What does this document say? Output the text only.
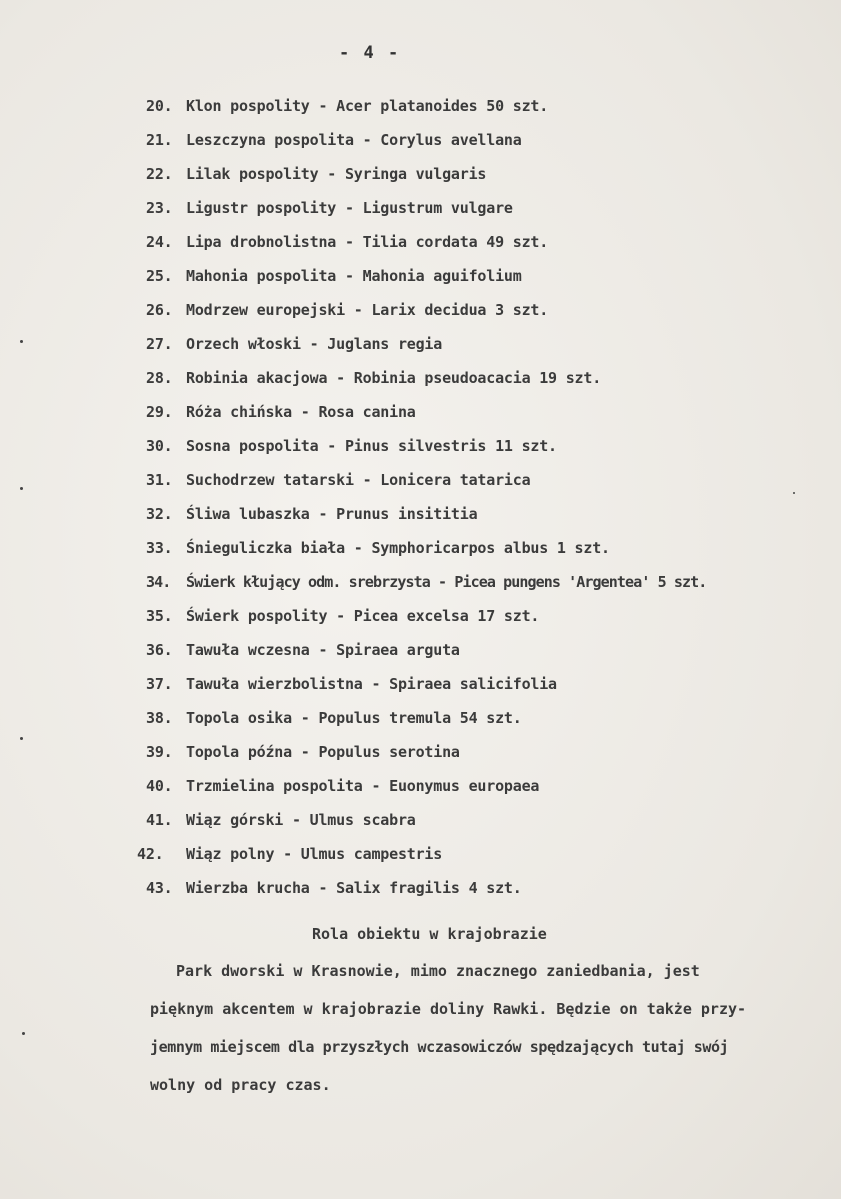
- 4 -
20. Klon pospolity - Acer platanoides 50 szt.
21. Leszczyna pospolita - Corylus avellana
22. Lilak pospolity - Syringa vulgaris
23. Ligustr pospolity - Ligustrum vulgare
24. Lipa drobnolistna - Tilia cordata 49 szt.
25. Mahonia pospolita - Mahonia aguifolium
26. Modrzew europejski - Larix decidua 3 szt.
27. Orzech włoski - Juglans regia
28. Robinia akacjowa - Robinia pseudoacacia 19 szt.
29. Róża chińska - Rosa canina
30. Sosna pospolita - Pinus silvestris 11 szt.
31. Suchodrzew tatarski - Lonicera tatarica
32. Śliwa lubaszka - Prunus insititia
33. Śnieguliczka biała - Symphoricarpos albus 1 szt.
34.	Świerk kłujący odm. srebrzysta - Picea pungens 'Argentea' 5 szt.
35. Świerk pospolity - Picea excelsa 17 szt.
36. Tawuła wczesna - Spiraea arguta
37. Tawuła wierzbolistna - Spiraea salicifolia
38. Topola osika - Populus tremula 54 szt.
39. Topola późna - Populus serotina
40. Trzmielina pospolita - Euonymus europaea
41. Wiąz górski - Ulmus scabra
42.	Wiąz polny - Ulmus campestris
43. Wierzba krucha - Salix fragilis 4 szt.
Rola obiektu w krajobrazie
Park dworski w Krasnowie, mimo znacznego zaniedbania, jest
pięknym akcentem w krajobrazie doliny Rawki. Będzie on także przy-
jemnym miejscem dla przyszłych wczasowiczów spędzających tutaj swój
wolny od pracy czas.
